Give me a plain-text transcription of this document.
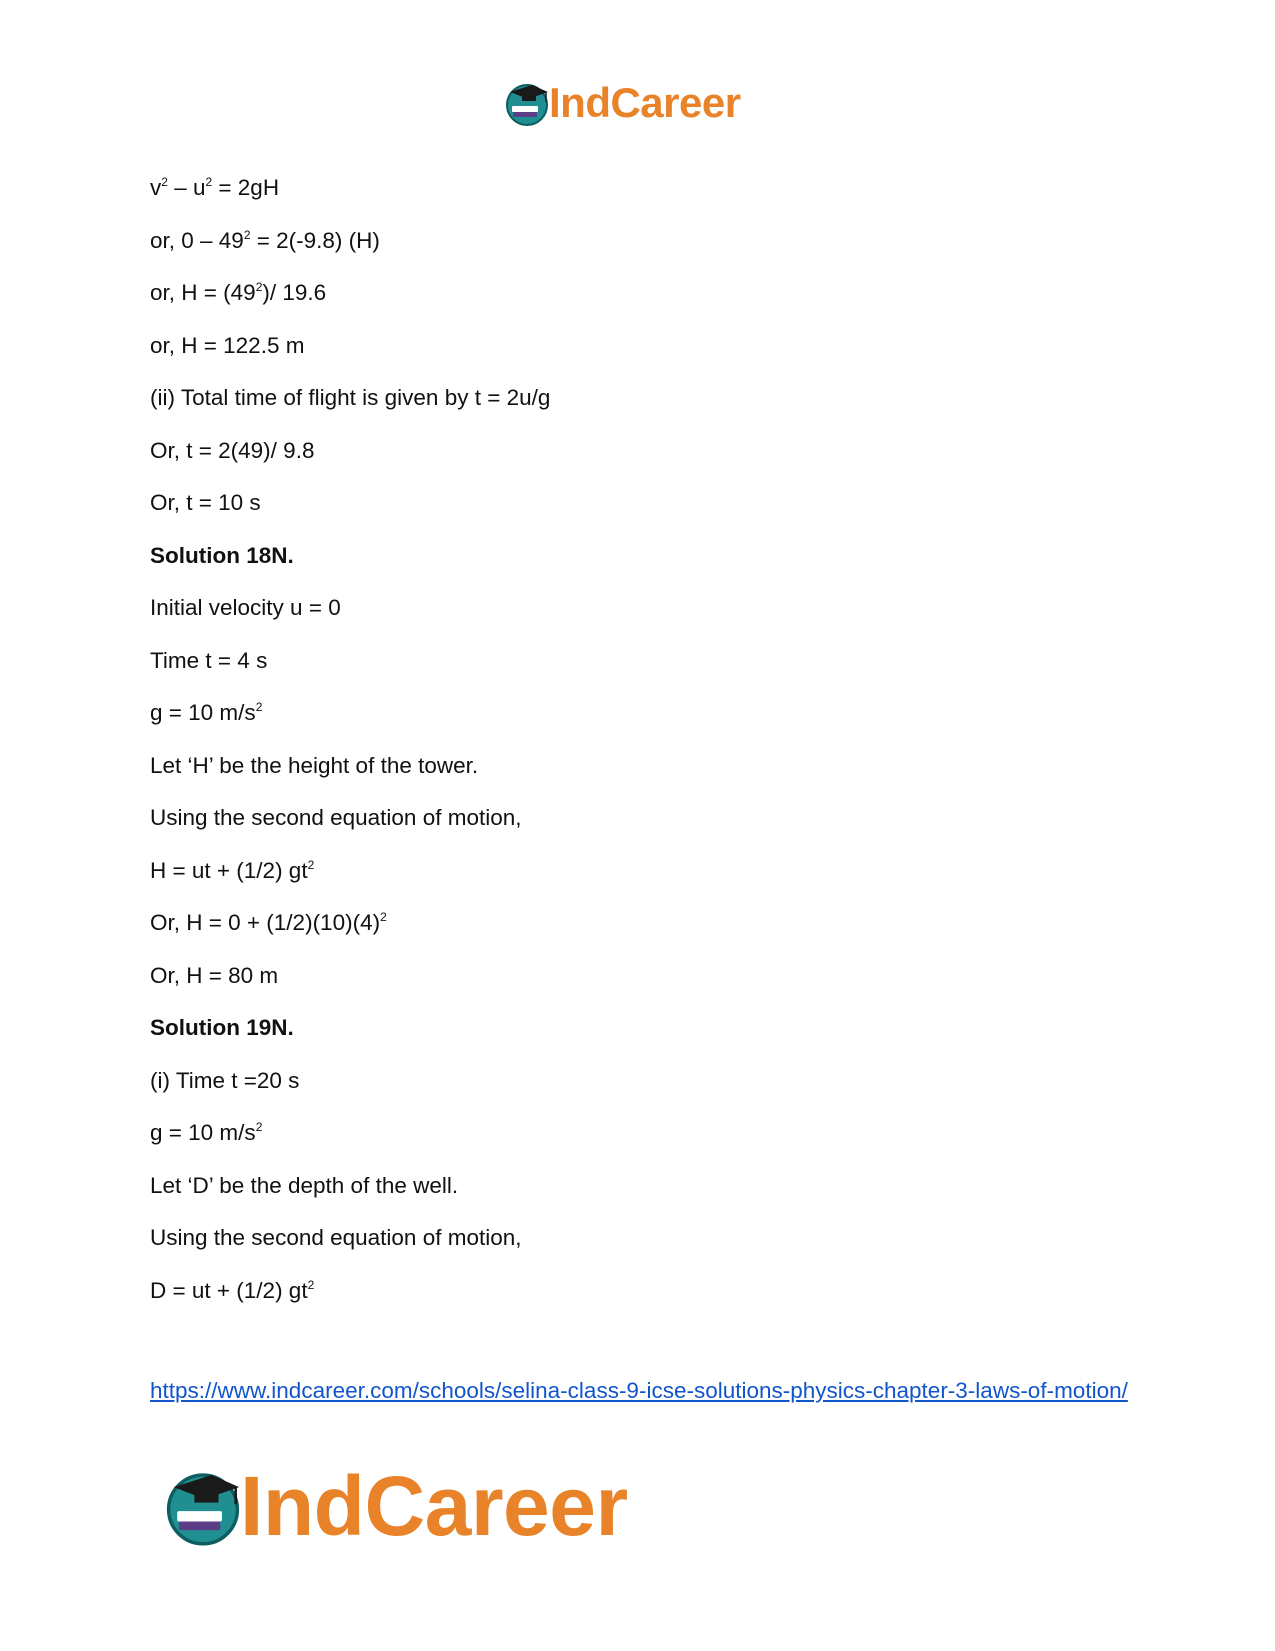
IndCareer
$v^2 - u^2 = 2gH$
or, $0 - 49^2 = 2(-9.8)$ (H)
or, $H = (49^2)/$ 19.6
or, H = 122.5 m
(ii) Total time of flight is given by t = 2u/g
Or, t = 2(49)/ 9.8
Or, t = 10 s
Solution 18N.
Initial velocity u = 0
Time t = 4 s
g = 10 $m/s^2$
Let ‘H’ be the height of the tower.
Using the second equation of motion,
H = ut + (1/2) $gt^2$
Or, $H = 0 + (1/2)(10)(4)^2$
Or, H = 80 m
Solution 19N.
(i) Time t =20 s
g = 10 $m/s^2$
Let ‘D’ be the depth of the well.
Using the second equation of motion,
D = ut + (1/2) $gt^2$
https://www.indcareer.com/schools/selina-class-9-icse-solutions-physics-chapter-3-laws-of-motion/
IndCareer
